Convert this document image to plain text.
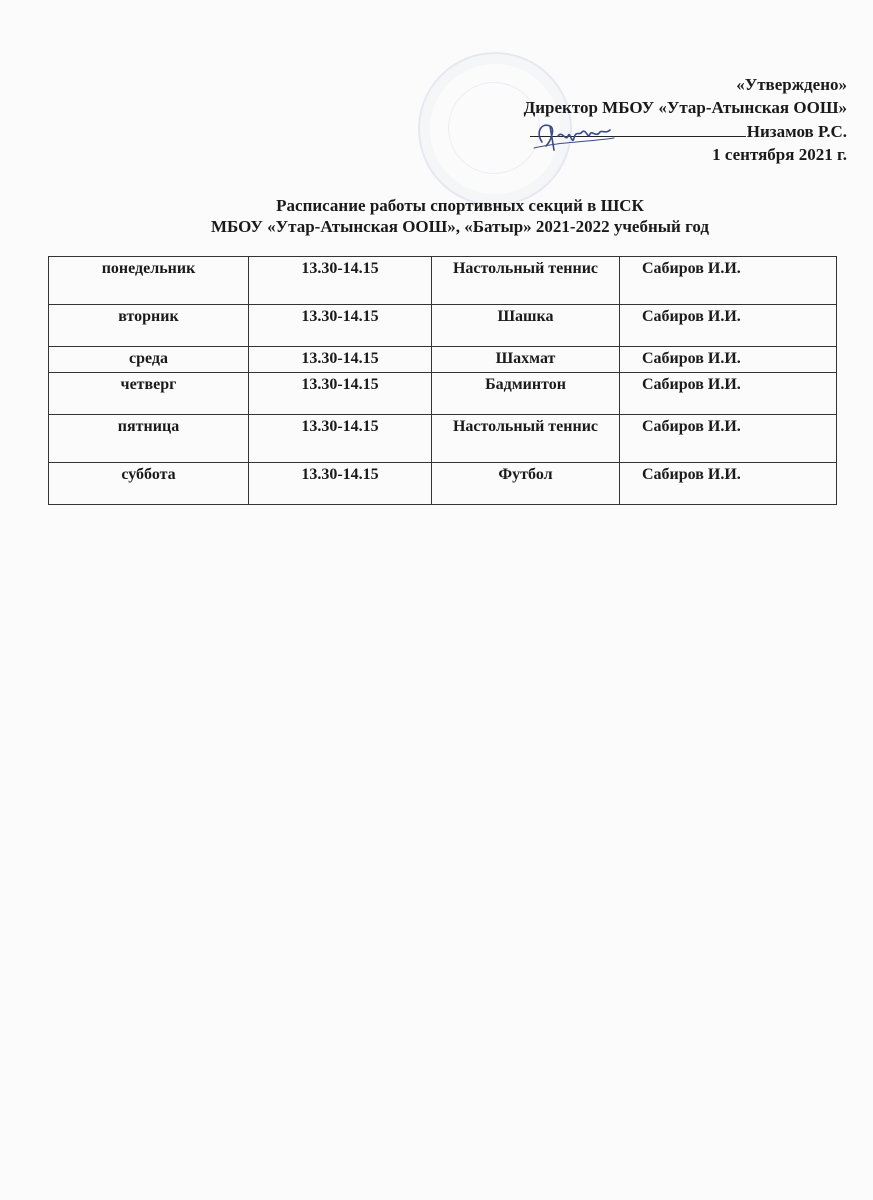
«Утверждено»
Директор МБОУ «Утар-Атынская ООШ»
Низамов Р.С.
1 сентября 2021 г.
Расписание работы спортивных секций в ШСК
МБОУ «Утар-Атынская ООШ», «Батыр» 2021-2022 учебный год
понедельник	13.30-14.15	Настольный теннис	Сабиров И.И.
вторник	13.30-14.15	Шашка	Сабиров И.И.
среда	13.30-14.15	Шахмат	Сабиров И.И.
четверг	13.30-14.15	Бадминтон	Сабиров И.И.
пятница	13.30-14.15	Настольный теннис	Сабиров И.И.
суббота	13.30-14.15	Футбол	Сабиров И.И.
